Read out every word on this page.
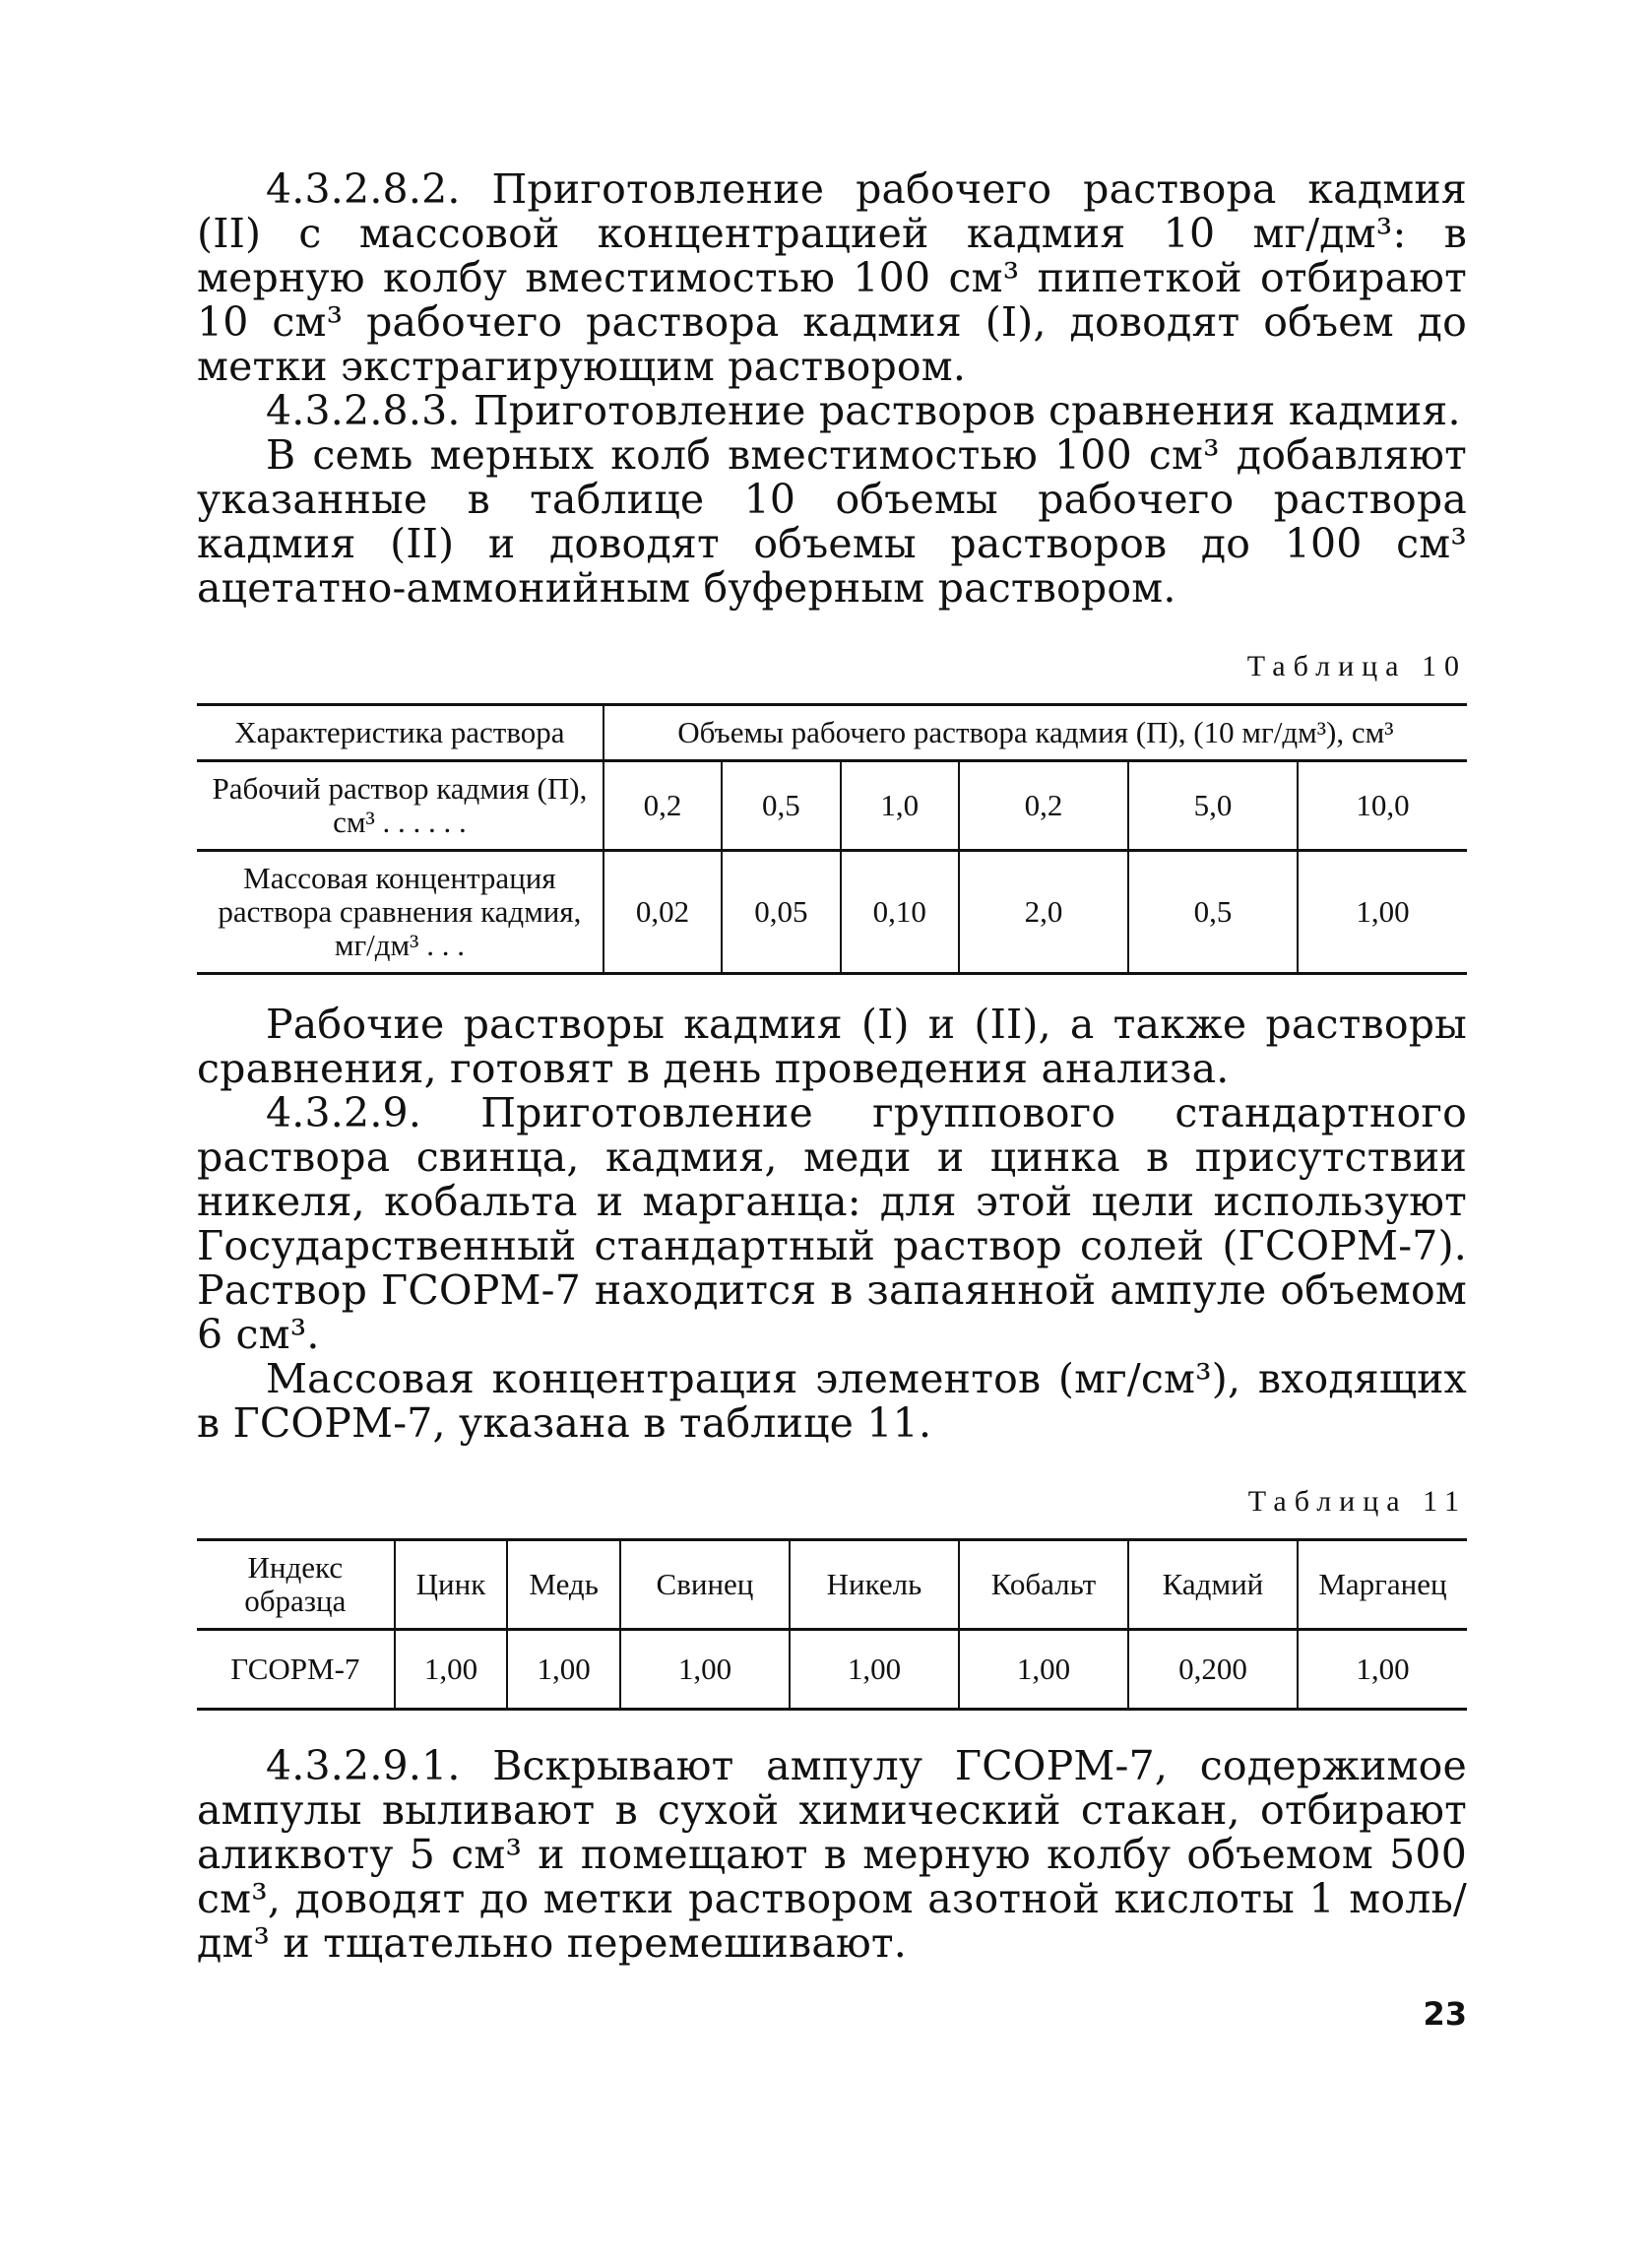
4.3.2.8.2. Приготовление рабочего раствора кадмия (II) с массовой концентрацией кадмия 10 мг/дм³: в мерную колбу вместимостью 100 см³ пипеткой отбирают 10 см³ рабочего раствора кадмия (I), доводят объем до метки экстрагирующим раствором.

4.3.2.8.3. Приготовление растворов сравнения кадмия.

В семь мерных колб вместимостью 100 см³ добавляют указанные в таблице 10 объемы рабочего раствора кадмия (II) и доводят объемы растворов до 100 см³ ацетатно-аммонийным буферным раствором.

Таблица 10
Характеристика раствора	Объемы рабочего раствора кадмия (П), (10 мг/дм³), см³					
Рабочий раствор кадмия (П), см³ . . . . . .	0,2	0,5	1,0	0,2	5,0	10,0
Массовая концентрация раствора сравнения кадмия, мг/дм³ . . .	0,02	0,05	0,10	2,0	0,5	1,00

Рабочие растворы кадмия (I) и (II), а также растворы сравнения, готовят в день проведения анализа.

4.3.2.9. Приготовление группового стандартного раствора свинца, кадмия, меди и цинка в присутствии никеля, кобальта и марганца: для этой цели используют Государственный стандартный раствор солей (ГСОРМ-7). Раствор ГСОРМ-7 находится в запаянной ампуле объемом 6 см³.

Массовая концентрация элементов (мг/см³), входящих в ГСОРМ-7, указана в таблице 11.

Таблица 11
Индекс образца	Цинк	Медь	Свинец	Никель	Кобальт	Кадмий	Марганец
ГСОРМ-7	1,00	1,00	1,00	1,00	1,00	0,200	1,00

4.3.2.9.1. Вскрывают ампулу ГСОРМ-7, содержимое ампулы выливают в сухой химический стакан, отбирают аликвоту 5 см³ и помещают в мерную колбу объемом 500 см³, доводят до метки раствором азотной кислоты 1 моль/дм³ и тщательно перемешивают.

23
